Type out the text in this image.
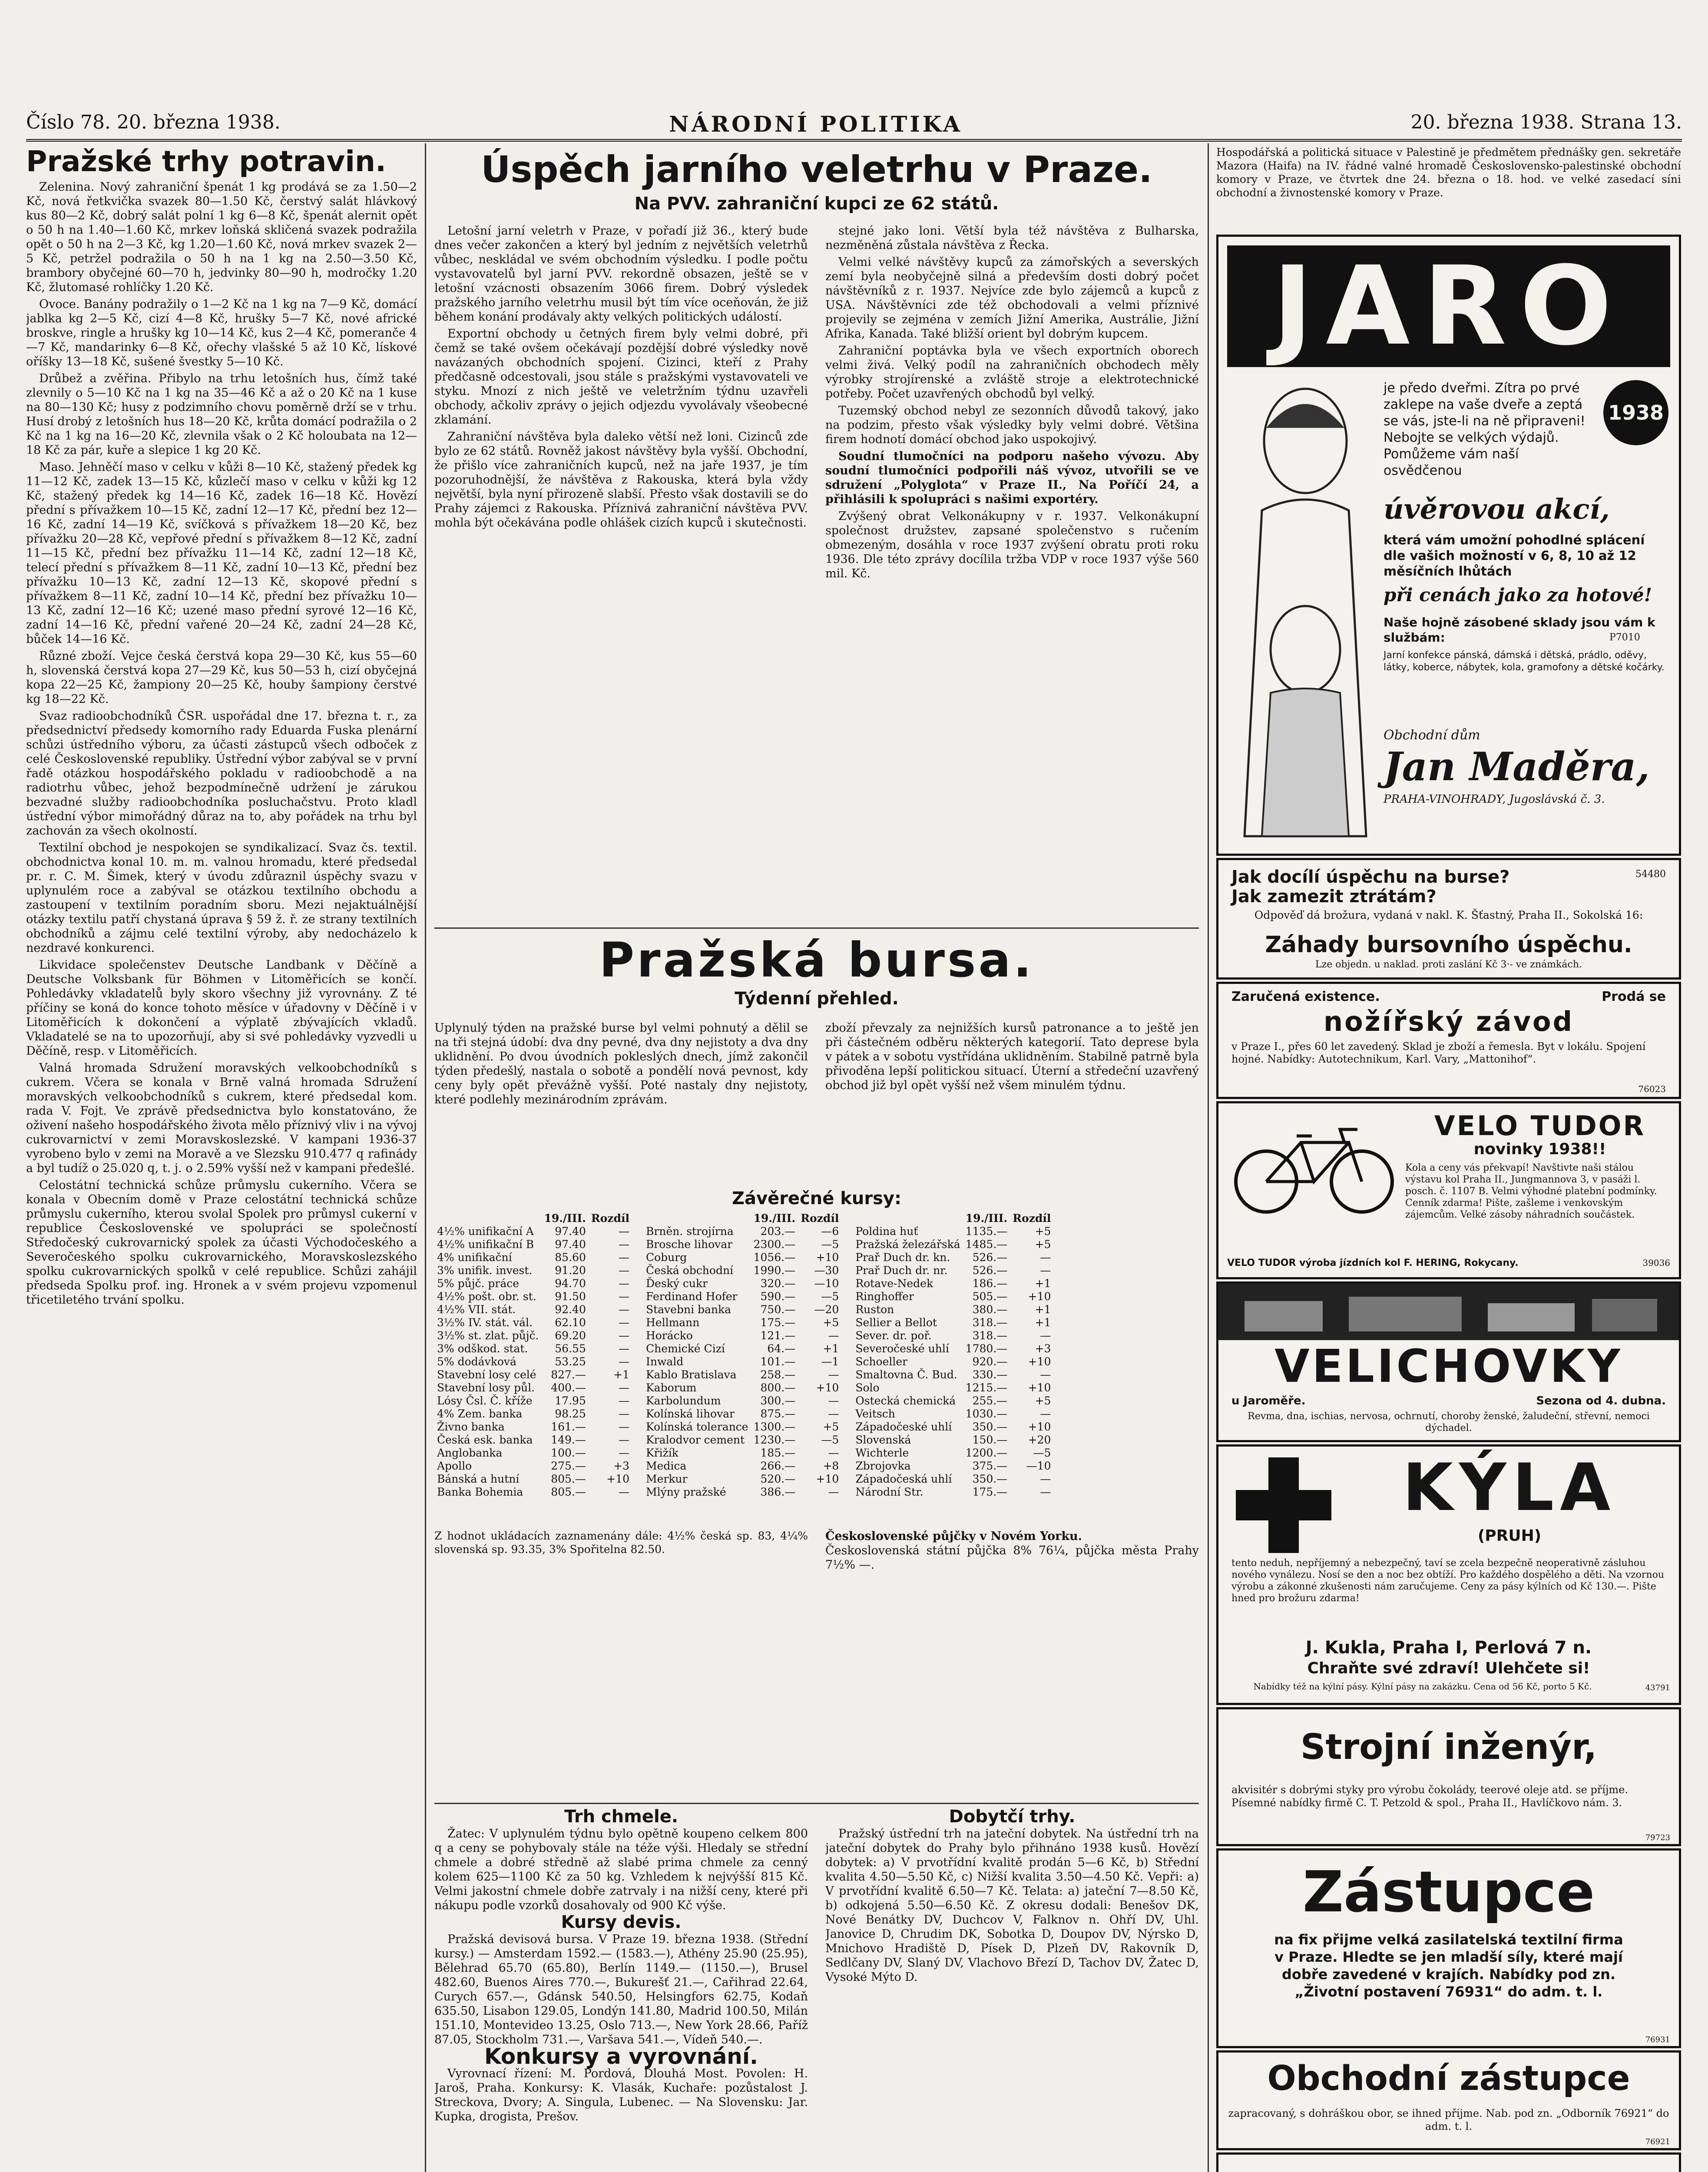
Číslo 78. 20. března 1938.	NÁRODNÍ POLITIKA	20. března 1938. Strana 13.
Pražské trhy potravin.

Zelenina. Nový zahraniční špenát 1 kg prodává se za 1.50—2 Kč, nová řetkvička svazek 80—1.50 Kč, čerstvý salát hlávkový kus 80—2 Kč, dobrý salát polní 1 kg 6—8 Kč, špenát alernit opět o 50 h na 1.40—1.60 Kč, mrkev loňská skličená svazek podražila opět o 50 h na 2—3 Kč, kg 1.20—1.60 Kč, nová mrkev svazek 2—5 Kč, petržel podražila o 50 h na 1 kg na 2.50—3.50 Kč, brambory obyčejné 60—70 h, jedvinky 80—90 h, modročky 1.20 Kč, žlutomasé rohlíčky 1.20 Kč.

Ovoce. Banány podražily o 1—2 Kč na 1 kg na 7—9 Kč, domácí jablka kg 2—5 Kč, cizí 4—8 Kč, hrušky 5—7 Kč, nové africké broskve, ringle a hrušky kg 10—14 Kč, kus 2—4 Kč, pomeranče 4—7 Kč, mandarinky 6—8 Kč, ořechy vlašské 5 až 10 Kč, lískové oříšky 13—18 Kč, sušené švestky 5—10 Kč.

Drůbež a zvěřina. Přibylo na trhu letošních hus, čímž také zlevnily o 5—10 Kč na 1 kg na 35—46 Kč a až o 20 Kč na 1 kuse na 80—130 Kč; husy z podzimního chovu poměrně drží se v trhu. Husí drobý z letošních hus 18—20 Kč, krůta domácí podražila o 2 Kč na 1 kg na 16—20 Kč, zlevnila však o 2 Kč holoubata na 12—18 Kč za pár, kuře a slepice 1 kg 20 Kč.

Maso. Jehněčí maso v celku v kůži 8—10 Kč, stažený předek kg 11—12 Kč, zadek 13—15 Kč, kůzlečí maso v celku v kůži kg 12 Kč, stažený předek kg 14—16 Kč, zadek 16—18 Kč. Hovězí přední s přívažkem 10—15 Kč, zadní 12—17 Kč, přední bez 12—16 Kč, zadní 14—19 Kč, svíčková s přívažkem 18—20 Kč, bez přívažku 20—28 Kč, vepřové přední s přívažkem 8—12 Kč, zadní 11—15 Kč, přední bez přívažku 11—14 Kč, zadní 12—18 Kč, telecí přední s přívažkem 8—11 Kč, zadní 10—13 Kč, přední bez přívažku 10—13 Kč, zadní 12—13 Kč, skopové přední s přívažkem 8—11 Kč, zadní 10—14 Kč, přední bez přívažku 10—13 Kč, zadní 12—16 Kč; uzené maso přední syrové 12—16 Kč, zadní 14—16 Kč, přední vařené 20—24 Kč, zadní 24—28 Kč, bůček 14—16 Kč.

Různé zboží. Vejce česká čerstvá kopa 29—30 Kč, kus 55—60 h, slovenská čerstvá kopa 27—29 Kč, kus 50—53 h, cizí obyčejná kopa 22—25 Kč, žampiony 20—25 Kč, houby šampiony čerstvé kg 18—22 Kč.

Svaz radioobchodníků ČSR. uspořádal dne 17. března t. r., za předsednictví předsedy komorního rady Eduarda Fuska plenární schůzi ústředního výboru, za účasti zástupců všech odboček z celé Československé republiky. Ústřední výbor zabýval se v první řadě otázkou hospodářského pokladu v radioobchodě a na radiotrhu vůbec, jehož bezpodmínečně udržení je zárukou bezvadné služby radioobchodníka posluchačstvu. Proto kladl ústřední výbor mimořádný důraz na to, aby pořádek na trhu byl zachován za všech okolností.

Textilní obchod je nespokojen se syndikalizací. Svaz čs. textil. obchodnictva konal 10. m. m. valnou hromadu, které předsedal pr. r. C. M. Šimek, který v úvodu zdůraznil úspěchy svazu v uplynulém roce a zabýval se otázkou textilního obchodu a zastoupení v textilním poradním sboru. Mezi nejaktuálnější otázky textilu patří chystaná úprava § 59 ž. ř. ze strany textilních obchodníků a zájmu celé textilní výroby, aby nedocházelo k nezdravé konkurenci.

Likvidace společenstev Deutsche Landbank v Děčíně a Deutsche Volksbank für Böhmen v Litoměřicích se končí. Pohledávky vkladatelů byly skoro všechny již vyrovnány. Z té příčiny se koná do konce tohoto měsíce v úřadovny v Děčíně i v Litoměřicích k dokončení a výplatě zbývajících vkladů. Vkladatelé se na to upozorňují, aby si své pohledávky vyzvedli u Děčíně, resp. v Litoměřicích.

Valná hromada Sdružení moravských velkoobchodníků s cukrem. Včera se konala v Brně valná hromada Sdružení moravských velkoobchodníků s cukrem, které předsedal kom. rada V. Fojt. Ve zprávě předsednictva bylo konstatováno, že oživení našeho hospodářského života mělo příznivý vliv i na vývoj cukrovarnictví v zemi Moravskoslezské. V kampani 1936-37 vyrobeno bylo v zemi na Moravě a ve Slezsku 910.477 q rafinády a byl tudíž o 25.020 q, t. j. o 2.59% vyšší než v kampani předešlé.

Celostátní technická schůze průmyslu cukerního. Včera se konala v Obecním domě v Praze celostátní technická schůze průmyslu cukerního, kterou svolal Spolek pro průmysl cukerní v republice Československé ve spolupráci se společností Středočeský cukrovarnický spolek za účasti Východočeského a Severočeského spolku cukrovarnického, Moravskoslezského spolku cukrovarnických spolků v celé republice. Schůzi zahájil předseda Spolku prof. ing. Hronek a v svém projevu vzpomenul třicetiletého trvání spolku.

Úspěch jarního veletrhu v Praze.
Na PVV. zahraniční kupci ze 62 států.

Letošní jarní veletrh v Praze, v pořadí již 36., který bude dnes večer zakončen a který byl jedním z největších veletrhů vůbec, neskládal ve svém obchodním výsledku. I podle počtu vystavovatelů byl jarní PVV. rekordně obsazen, ještě se v letošní vzácnosti obsazením 3066 firem. Dobrý výsledek pražského jarního veletrhu musil být tím více oceňován, že již během konání prodávaly akty velkých politických událostí.

Exportní obchody u četných firem byly velmi dobré, při čemž se také ovšem očekávají pozdější dobré výsledky nově navázaných obchodních spojení. Cizinci, kteří z Prahy předčasně odcestovali, jsou stále s pražskými vystavovateli ve styku. Mnozí z nich ještě ve veletržním týdnu uzavřeli obchody, ačkoliv zprávy o jejich odjezdu vyvolávaly všeobecné zklamání.

Zahraniční návštěva byla daleko větší než loni. Cizinců zde bylo ze 62 států. Rovněž jakost návštěvy byla vyšší. Obchodní, že přišlo více zahraničních kupců, než na jaře 1937, je tím pozoruhodnější, že návštěva z Rakouska, která byla vždy největší, byla nyní přirozeně slabší. Přesto však dostavili se do Prahy zájemci z Rakouska. Příznivá zahraniční návštěva PVV. mohla být očekávána podle ohlášek cizích kupců i skutečnosti.

stejné jako loni. Větší byla též návštěva z Bulharska, nezměněná zůstala návštěva z Řecka.

Velmi velké návštěvy kupců za zámořských a severských zemí byla neobyčejně silná a především dosti dobrý počet návštěvníků z r. 1937. Nejvíce zde bylo zájemců a kupců z USA. Návštěvníci zde též obchodovali a velmi příznivé projevily se zejména v zemích Jižní Amerika, Austrálie, Jižní Afrika, Kanada. Také bližší orient byl dobrým kupcem.

Zahraniční poptávka byla ve všech exportních oborech velmi živá. Velký podíl na zahraničních obchodech měly výrobky strojírenské a zvláště stroje a elektrotechnické potřeby. Počet uzavřených obchodů byl velký.

Tuzemský obchod nebyl ze sezonních důvodů takový, jako na podzim, přesto však výsledky byly velmi dobré. Většina firem hodnotí domácí obchod jako uspokojivý.

Soudní tlumočníci na podporu našeho vývozu. Aby soudní tlumočníci podpořili náš vývoz, utvořili se ve sdružení „Polyglota“ v Praze II., Na Poříčí 24, a přihlásili k spolupráci s našimi exportéry.

Zvýšený obrat Velkonákupny v r. 1937. Velkonákupní společnost družstev, zapsané společenstvo s ručením obmezeným, dosáhla v roce 1937 zvýšení obratu proti roku 1936. Dle této zprávy docílila tržba VDP v roce 1937 výše 560 mil. Kč.

Pražská bursa.
Týdenní přehled.
Uplynulý týden na pražské burse byl velmi pohnutý a dělil se na tři stejná údobí: dva dny pevné, dva dny nejistoty a dva dny uklidnění. Po dvou úvodních pokleslých dnech, jímž zakončil týden předešlý, nastala o sobotě a pondělí nová pevnost, kdy ceny byly opět převážně vyšší. Poté nastaly dny nejistoty, které podlehly mezinárodním zprávám.
zboží převzaly za nejnižších kursů patronance a to ještě jen při částečném odběru některých kategorií. Tato deprese byla v pátek a v sobotu vystřídána uklidněním. Stabilně patrně byla přivoděna lepší politickou situací. Úterní a středeční uzavřený obchod již byl opět vyšší než všem minulém týdnu.
Závěrečné kursy:
	19./III.	Rozdíl
4½% unifikační A	97.40	—
4½% unifikační B	97.40	—
4% unifikační	85.60	—
3% unifik. invest.	91.20	—
5% půjč. práce	94.70	—
4½% pošt. obr. st.	91.50	—
4½% VII. stát.	92.40	—
3½% IV. stát. vál.	62.10	—
3½% st. zlat. půjč.	69.20	—
3% odškod. stat.	56.55	—
5% dodávková	53.25	—
Stavební losy celé	827.—	+1
Stavební losy půl.	400.—	—
Lósy Čsl. Č. kříže	17.95	—
4% Zem. banka	98.25	—
Živno banka	161.—	—
Česká esk. banka	149.—	—
Anglobanka	100.—	—
Apollo	275.—	+3
Bánská a hutní	805.—	+10
Banka Bohemia	805.—	—
	19./III.	Rozdíl
Brněn. strojírna	203.—	—6
Brosche lihovar	2300.—	—5
Coburg	1056.—	+10
Česká obchodní	1990.—	—30
Ďeský cukr	320.—	—10
Ferdinand Hofer	590.—	—5
Stavebni banka	750.—	—20
Hellmann	175.—	+5
Horácko	121.—	—
Chemické Cizí	64.—	+1
Inwald	101.—	—1
Kablo Bratislava	258.—	—
Kaborum	800.—	+10
Karbolundum	300.—	—
Kolínská lihovar	875.—	—
Kolínská tolerance	1300.—	+5
Kralodvor cement	1230.—	—5
Křižík	185.—	—
Medica	266.—	+8
Merkur	520.—	+10
Mlýny pražské	386.—	—
	19./III.	Rozdíl
Poldina huť	1135.—	+5
Pražská železářská	1485.—	+5
Prař Duch dr. kn.	526.—	—
Prař Duch dr. nr.	526.—	—
Rotave-Nedek	186.—	+1
Ringhoffer	505.—	+10
Ruston	380.—	+1
Sellier a Bellot	318.—	+1
Sever. dr. poř.	318.—	—
Severočeské uhlí	1780.—	+3
Schoeller	920.—	+10
Smaltovna Č. Bud.	330.—	—
Solo	1215.—	+10
Ostecká chemická	255.—	+5
Veitsch	1030.—	—
Západočeské uhlí	350.—	+10
Slovenská	150.—	+20
Wichterle	1200.—	—5
Zbrojovka	375.—	—10
Západočeská uhlí	350.—	—
Národní Str.	175.—	—
Z hodnot ukládacích zaznamenány dále: 4½% česká sp. 83, 4¼% slovenská sp. 93.35, 3% Spořitelna 82.50.
Československé půjčky v Novém Yorku.
Československá státní půjčka 8% 76¼, půjčka města Prahy 7½% —.
Trh chmele.

Žatec: V uplynulém týdnu bylo opětně koupeno celkem 800 q a ceny se pohybovaly stále na téže výši. Hledaly se střední chmele a dobré středně až slabé prima chmele za cenný kolem 625—1100 Kč za 50 kg. Vzhledem k nejvýšší 815 Kč. Velmi jakostní chmele dobře zatrvaly i na nižší ceny, které při nákupu podle vzorků dosahovaly od 900 Kč výše.

Kursy devis.

Pražská devisová bursa. V Praze 19. března 1938. (Střední kursy.) — Amsterdam 1592.— (1583.—), Athény 25.90 (25.95), Bělehrad 65.70 (65.80), Berlín 1149.— (1150.—), Brusel 482.60, Buenos Aires 770.—, Bukurešť 21.—, Cařihrad 22.64, Curych 657.—, Gdánsk 540.50, Helsingfors 62.75, Kodaň 635.50, Lisabon 129.05, Londýn 141.80, Madrid 100.50, Milán 151.10, Montevideo 13.25, Oslo 713.—, New York 28.66, Paříž 87.05, Stockholm 731.—, Varšava 541.—, Vídeň 540.—.

Konkursy a vyrovnání.

Vyrovnací řízení: M. Pordová, Dlouhá Most. Povolen: H. Jaroš, Praha. Konkursy: K. Vlasák, Kuchaře: pozůstalost J. Streckova, Dvory; A. Singula, Lubenec. — Na Slovensku: Jar. Kupka, drogista, Prešov.

Dobytčí trhy.

Pražský ústřední trh na jateční dobytek. Na ústřední trh na jateční dobytek do Prahy bylo přihnáno 1938 kusů. Hovězí dobytek: a) V prvotřídní kvalitě prodán 5—6 Kč, b) Střední kvalita 4.50—5.50 Kč, c) Nižší kvalita 3.50—4.50 Kč. Vepři: a) V prvotřídní kvalitě 6.50—7 Kč. Telata: a) jateční 7—8.50 Kč, b) odkojená 5.50—6.50 Kč. Z okresu dodali: Benešov DK, Nové Benátky DV, Duchcov V, Falknov n. Ohří DV, Uhl. Janovice D, Chrudim DK, Sobotka D, Doupov DV, Nýrsko D, Mnichovo Hradiště D, Písek D, Plzeň DV, Rakovník D, Sedlčany DV, Slaný DV, Vlachovo Březí D, Tachov DV, Žatec D, Vysoké Mýto D.

Hospodářská a politická situace v Palestině je předmětem přednášky gen. sekretáře Mazora (Haifa) na IV. řádné valné hromadě Československo-palestinské obchodní komory v Praze, ve čtvrtek dne 24. března o 18. hod. ve velké zasedací síni obchodní a živnostenské komory v Praze.
JARO
1938
je předo dveřmi. Zítra po prvé zaklepe na vaše dveře a zeptá se vás, jste-li na ně připraveni! Nebojte se velkých výdajů. Pomůžeme vám naší osvědčenou
úvěrovou akcí,
která vám umožní pohodlné splácení dle vašich možností v 6, 8, 10 až 12 měsíčních lhůtách
při cenách jako za hotové!
Naše hojně zásobené sklady jsou vám k službám:	P7010
Jarní konfekce pánská, dámská i dětská, prádlo, oděvy, látky, koberce, nábytek, kola, gramofony a dětské kočárky.
Obchodní dům
Jan Maděra,
PRAHA-VINOHRADY, Jugoslávská č. 3.
Jak docílí úspěchu na burse?
Jak zamezit ztrátám?
54480
Odpověď dá brožura, vydaná v nakl. K. Šťastný, Praha II., Sokolská 16:
Záhady bursovního úspěchu.
Lze objedn. u naklad. proti zaslání Kč 3·- ve známkách.
Zaručená existence.	Prodá se
nožířský závod
v Praze I., přes 60 let zavedený. Sklad je zboží a řemesla. Byt v lokálu. Spojení hojné. Nabídky: Autotechnikum, Karl. Vary, „Mattonihof“.
76023
VELO TUDOR
novinky 1938!!
Kola a ceny vás překvapí! Navštivte naši stálou výstavu kol Praha II., Jungmannova 3, v pasáži l. posch. č. 1107 B. Velmi výhodné platební podmínky. Cenník zdarma! Pište, zašleme i venkovským zájemcům. Velké zásoby náhradních součástek.
VELO TUDOR výroba jízdních kol F. HERING, Rokycany.	39036
VELICHOVKY
u Jaroměře.	Sezona od 4. dubna.
Revma, dna, ischias, nervosa, ochrnutí, choroby ženské, žaludeční, střevní, nemoci dýchadel.
KÝLA
(PRUH)
tento neduh, nepříjemný a nebezpečný, taví se zcela bezpečně neoperativně zásluhou nového vynálezu. Nosí se den a noc bez obtíží. Pro každého dospělého a děti. Na vzornou výrobu a zákonné zkušenosti nám zaručujeme. Ceny za pásy kýlních od Kč 130.—. Pište hned pro brožuru zdarma!
J. Kukla, Praha I, Perlová 7 n.
Chraňte své zdraví! Ulehčete si!
Nabídky též na kýlní pásy. Kýlní pásy na zakázku. Cena od 56 Kč, porto 5 Kč.	43791
Strojní inženýr,
akvisitér s dobrými styky pro výrobu čokolády, teerové oleje atd. se příjme. Písemné nabídky firmě C. T. Petzold & spol., Praha II., Havlíčkovo nám. 3.
79723
Zástupce
na fix přijme velká zasilatelská textilní firma v Praze. Hledte se jen mladší síly, které mají dobře zavedené v krajích. Nabídky pod zn. „Životní postavení 76931“ do adm. t. l.
76931
Obchodní zástupce
zapracovaný, s dohráškou obor, se ihned přijme. Nab. pod zn. „Odborník 76921“ do adm. t. l.
76921
